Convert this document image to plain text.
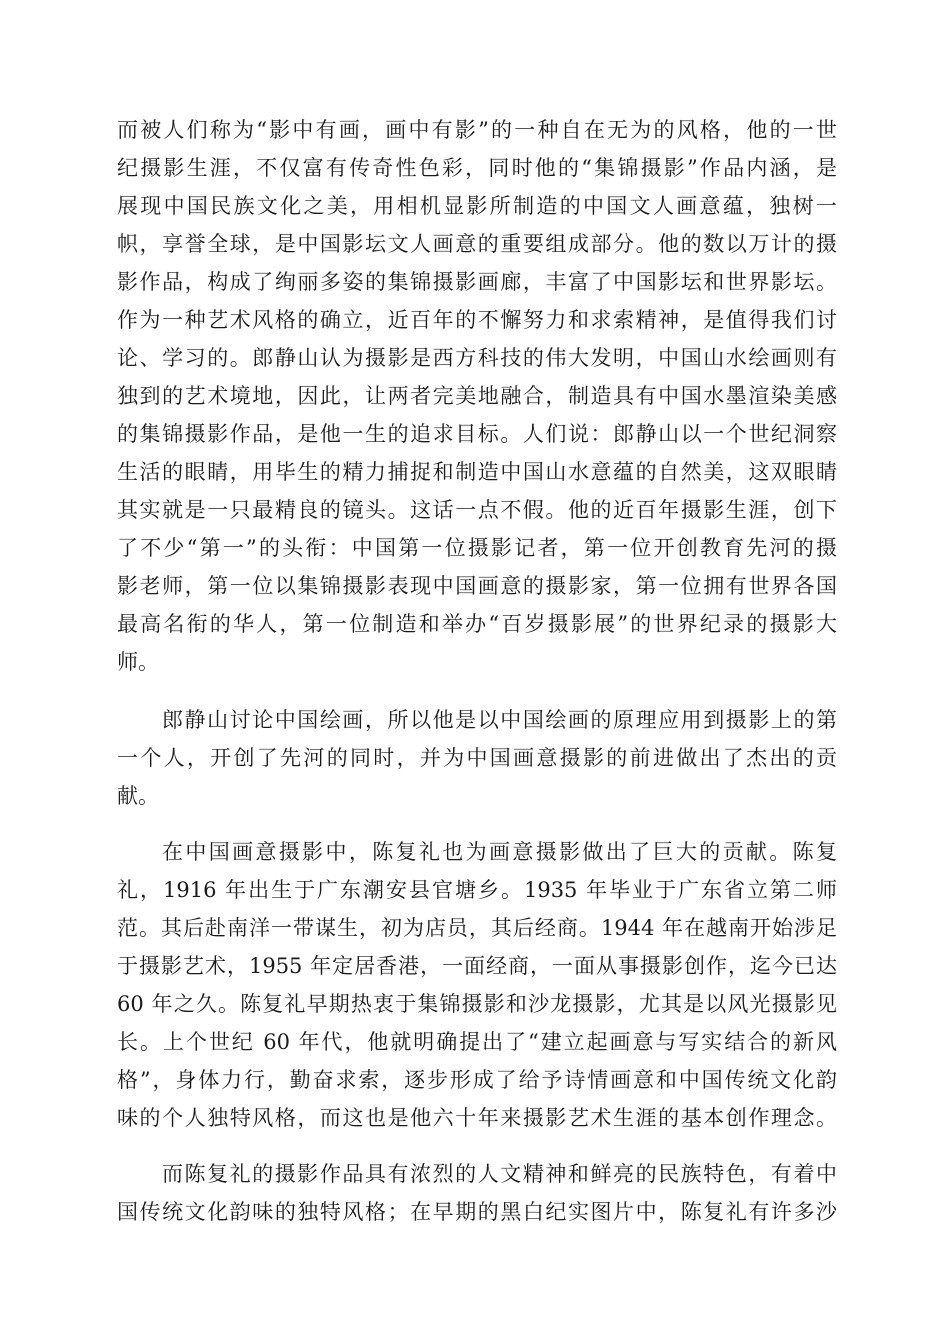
而被人们称为“影中有画，画中有影”的一种自在无为的风格，他的一世
纪摄影生涯，不仅富有传奇性色彩，同时他的“集锦摄影”作品内涵，是
展现中国民族文化之美，用相机显影所制造的中国文人画意蕴，独树一
帜，享誉全球，是中国影坛文人画意的重要组成部分。他的数以万计的摄
影作品，构成了绚丽多姿的集锦摄影画廊，丰富了中国影坛和世界影坛。
作为一种艺术风格的确立，近百年的不懈努力和求索精神，是值得我们讨
论、学习的。郎静山认为摄影是西方科技的伟大发明，中国山水绘画则有
独到的艺术境地，因此，让两者完美地融合，制造具有中国水墨渲染美感
的集锦摄影作品，是他一生的追求目标。人们说：郎静山以一个世纪洞察
生活的眼睛，用毕生的精力捕捉和制造中国山水意蕴的自然美，这双眼睛
其实就是一只最精良的镜头。这话一点不假。他的近百年摄影生涯，创下
了不少“第一”的头衔：中国第一位摄影记者，第一位开创教育先河的摄
影老师，第一位以集锦摄影表现中国画意的摄影家，第一位拥有世界各国
最高名衔的华人，第一位制造和举办“百岁摄影展”的世界纪录的摄影大
师。
郎静山讨论中国绘画，所以他是以中国绘画的原理应用到摄影上的第
一个人，开创了先河的同时，并为中国画意摄影的前进做出了杰出的贡
献。
在中国画意摄影中，陈复礼也为画意摄影做出了巨大的贡献。陈复
礼，1916 年出生于广东潮安县官塘乡。1935 年毕业于广东省立第二师
范。其后赴南洋一带谋生，初为店员，其后经商。1944 年在越南开始涉足
于摄影艺术，1955 年定居香港，一面经商，一面从事摄影创作，迄今已达
60 年之久。陈复礼早期热衷于集锦摄影和沙龙摄影，尤其是以风光摄影见
长。上个世纪 60 年代，他就明确提出了“建立起画意与写实结合的新风
格”，身体力行，勤奋求索，逐步形成了给予诗情画意和中国传统文化韵
味的个人独特风格，而这也是他六十年来摄影艺术生涯的基本创作理念。
而陈复礼的摄影作品具有浓烈的人文精神和鲜亮的民族特色，有着中
国传统文化韵味的独特风格；在早期的黑白纪实图片中，陈复礼有许多沙
